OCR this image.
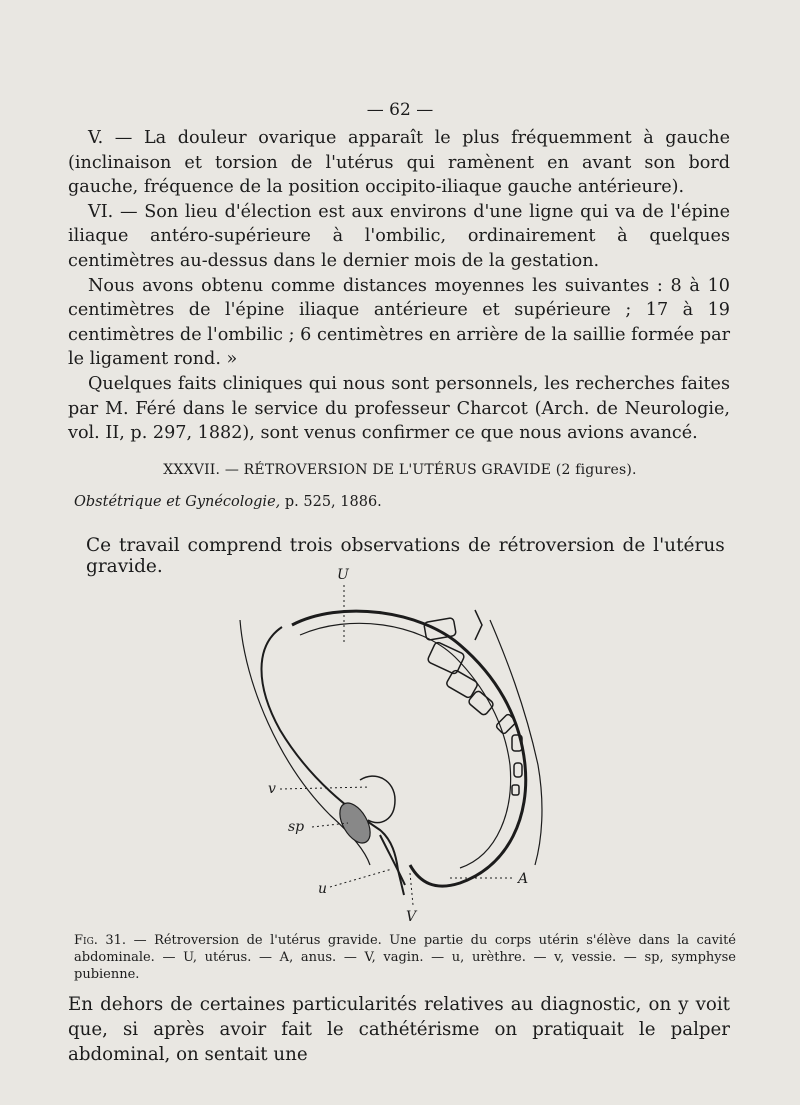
— 62 —

V. — La douleur ovarique apparaît le plus fréquemment à gauche (inclinaison et torsion de l'utérus qui ramènent en avant son bord gauche, fréquence de la position occipito-iliaque gauche antérieure).

VI. — Son lieu d'élection est aux environs d'une ligne qui va de l'épine iliaque antéro-supérieure à l'ombilic, ordinairement à quelques centimètres au-dessus dans le dernier mois de la gestation.

Nous avons obtenu comme distances moyennes les suivantes : 8 à 10 centimètres de l'épine iliaque antérieure et supérieure ; 17 à 19 centimètres de l'ombilic ; 6 centimètres en arrière de la saillie formée par le ligament rond. »

Quelques faits cliniques qui nous sont personnels, les recherches faites par M. Féré dans le service du professeur Charcot (Arch. de Neurologie, vol. II, p. 297, 1882), sont venus confirmer ce que nous avions avancé.

XXXVII. — RÉTROVERSION DE L'UTÉRUS GRAVIDE (2 figures).
Obstétrique et Gynécologie, p. 525, 1886.
Ce travail comprend trois observations de rétroversion de l'utérus gravide.	U
v
sp
u
A
V
Fig. 31. — Rétroversion de l'utérus gravide. Une partie du corps utérin s'élève dans la cavité abdominale. — U, utérus. — A, anus. — V, vagin. — u, urèthre. — v, vessie. — sp, symphyse pubienne.

En dehors de certaines particularités relatives au diagnostic, on y voit que, si après avoir fait le cathétérisme on pratiquait le palper abdominal, on sentait une
